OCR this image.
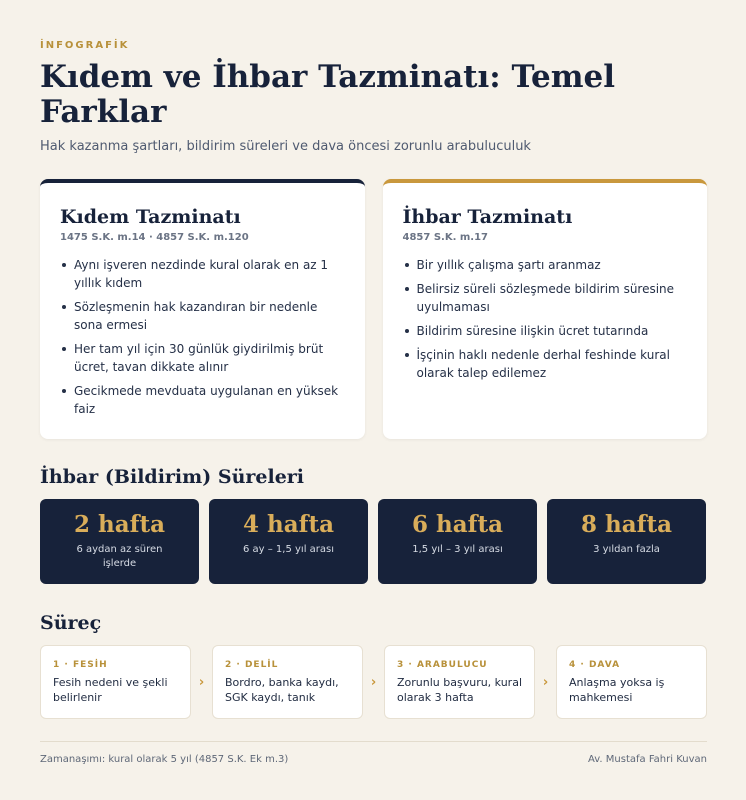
İNFOGRAFİK
Kıdem ve İhbar Tazminatı: Temel Farklar

Hak kazanma şartları, bildirim süreleri ve dava öncesi zorunlu arabuluculuk

Kıdem Tazminatı
1475 S.K. m.14 · 4857 S.K. m.120
Aynı işveren nezdinde kural olarak en az 1 yıllık kıdem
Sözleşmenin hak kazandıran bir nedenle sona ermesi
Her tam yıl için 30 günlük giydirilmiş brüt ücret, tavan dikkate alınır
Gecikmede mevduata uygulanan en yüksek faiz
İhbar Tazminatı
4857 S.K. m.17
Bir yıllık çalışma şartı aranmaz
Belirsiz süreli sözleşmede bildirim süresine uyulmaması
Bildirim süresine ilişkin ücret tutarında
İşçinin haklı nedenle derhal feshinde kural olarak talep edilemez
İhbar (Bildirim) Süreleri
2 hafta
6 aydan az süren işlerde
4 hafta
6 ay – 1,5 yıl arası
6 hafta
1,5 yıl – 3 yıl arası
8 hafta
3 yıldan fazla
Süreç
1 · FESİH
Fesih nedeni ve şekli belirlenir
›
2 · DELİL
Bordro, banka kaydı, SGK kaydı, tanık
›
3 · ARABULUCU
Zorunlu başvuru, kural olarak 3 hafta
›
4 · DAVA
Anlaşma yoksa iş mahkemesi
Zamanaşımı: kural olarak 5 yıl (4857 S.K. Ek m.3)	Av. Mustafa Fahri Kuvan
